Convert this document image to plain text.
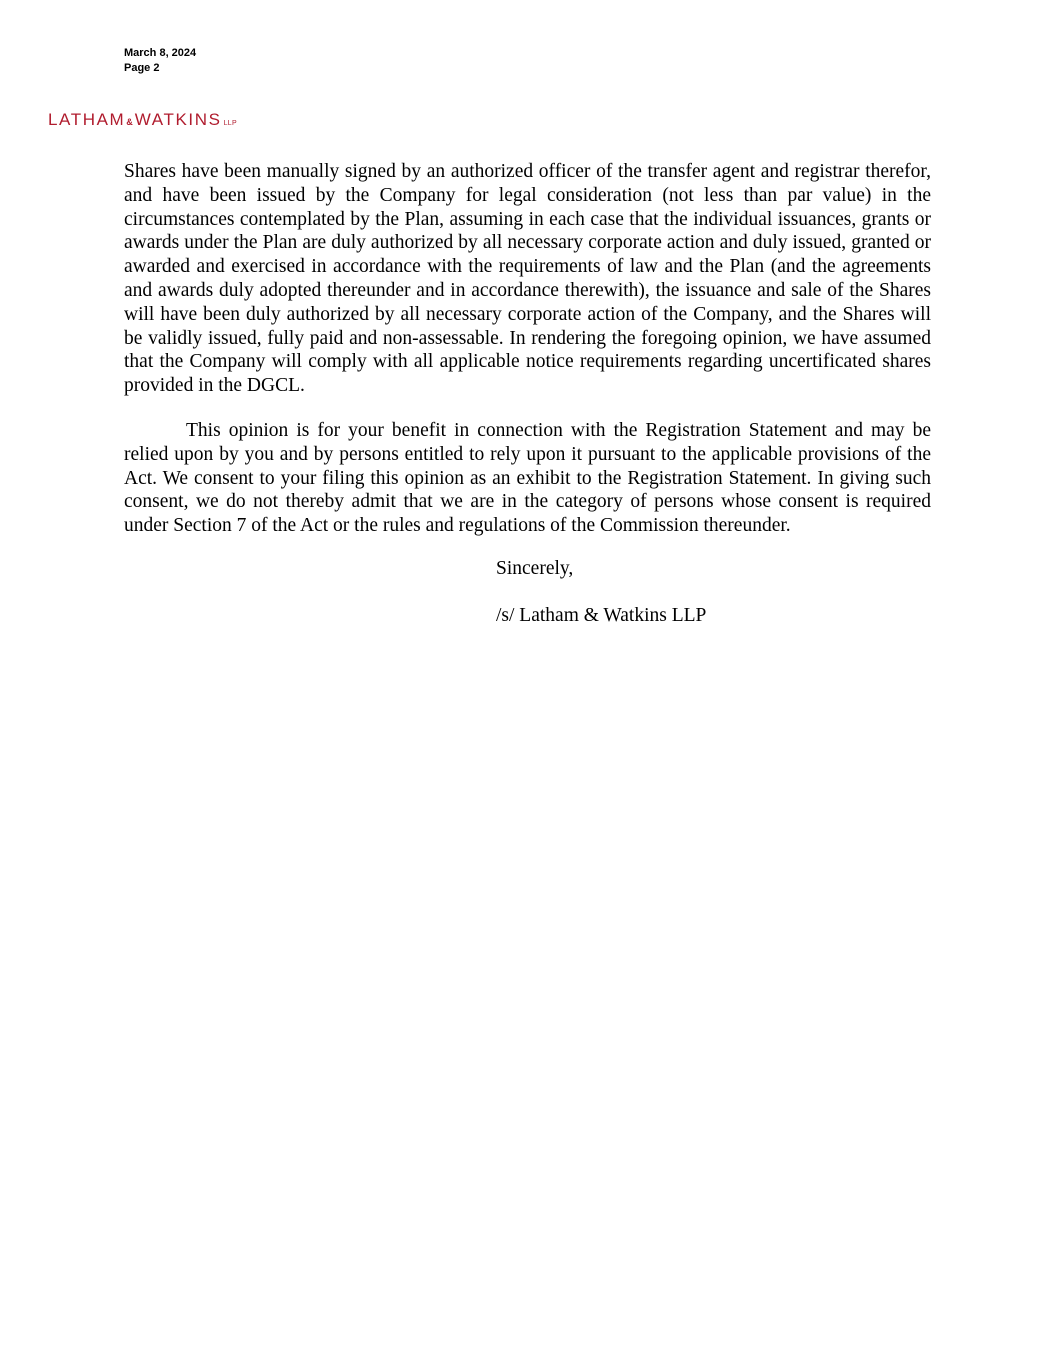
March 8, 2024
Page 2
LATHAM & WATKINS LLP

Shares have been manually signed by an authorized officer of the transfer agent and registrar therefor, and have been issued by the Company for legal consideration (not less than par value) in the circumstances contemplated by the Plan, assuming in each case that the individual issuances, grants or awards under the Plan are duly authorized by all necessary corporate action and duly issued, granted or awarded and exercised in accordance with the requirements of law and the Plan (and the agreements and awards duly adopted thereunder and in accordance therewith), the issuance and sale of the Shares will have been duly authorized by all necessary corporate action of the Company, and the Shares will be validly issued, fully paid and non-assessable. In rendering the foregoing opinion, we have assumed that the Company will comply with all applicable notice requirements regarding uncertificated shares provided in the DGCL.

This opinion is for your benefit in connection with the Registration Statement and may be relied upon by you and by persons entitled to rely upon it pursuant to the applicable provisions of the Act. We consent to your filing this opinion as an exhibit to the Registration Statement. In giving such consent, we do not thereby admit that we are in the category of persons whose consent is required under Section 7 of the Act or the rules and regulations of the Commission thereunder.

Sincerely,
/s/ Latham & Watkins LLP
